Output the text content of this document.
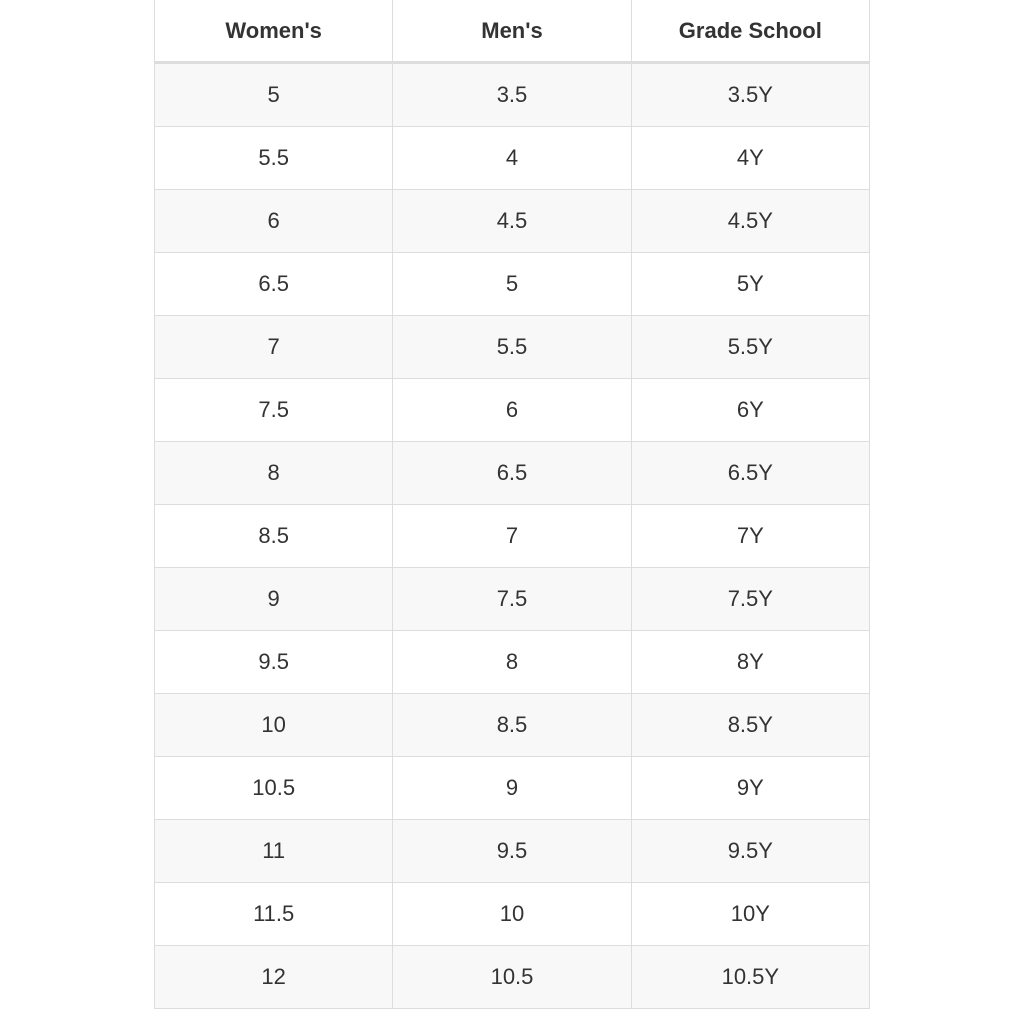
Women's	Men's	Grade School
5	3.5	3.5Y
5.5	4	4Y
6	4.5	4.5Y
6.5	5	5Y
7	5.5	5.5Y
7.5	6	6Y
8	6.5	6.5Y
8.5	7	7Y
9	7.5	7.5Y
9.5	8	8Y
10	8.5	8.5Y
10.5	9	9Y
11	9.5	9.5Y
11.5	10	10Y
12	10.5	10.5Y
